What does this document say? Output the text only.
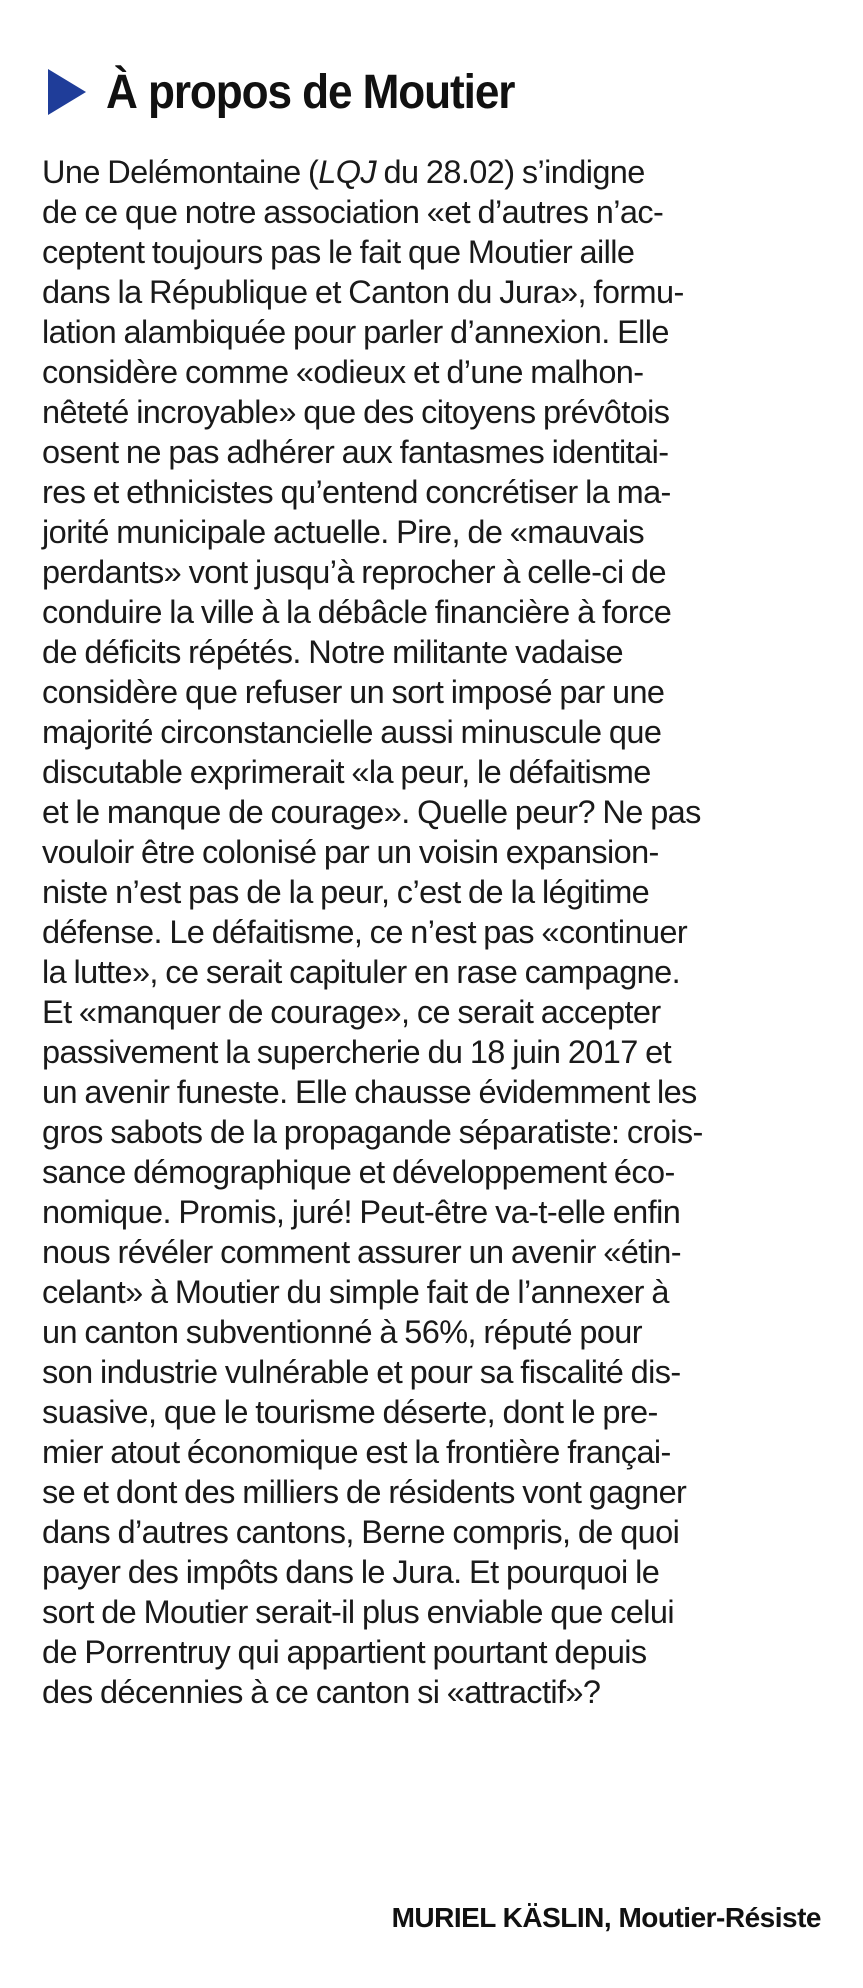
À propos de Moutier
Une Delémontaine (LQJ du 28.02) s’indigne
de ce que notre association «et d’autres n’ac-
ceptent toujours pas le fait que Moutier aille
dans la République et Canton du Jura», formu-
lation alambiquée pour parler d’annexion. Elle
considère comme «odieux et d’une malhon-
nêteté incroyable» que des citoyens prévôtois
osent ne pas adhérer aux fantasmes identitai-
res et ethnicistes qu’entend concrétiser la ma-
jorité municipale actuelle. Pire, de «mauvais
perdants» vont jusqu’à reprocher à celle-ci de
conduire la ville à la débâcle financière à force
de déficits répétés. Notre militante vadaise
considère que refuser un sort imposé par une
majorité circonstancielle aussi minuscule que
discutable exprimerait «la peur, le défaitisme
et le manque de courage». Quelle peur? Ne pas
vouloir être colonisé par un voisin expansion-
niste n’est pas de la peur, c’est de la légitime
défense. Le défaitisme, ce n’est pas «continuer
la lutte», ce serait capituler en rase campagne.
Et «manquer de courage», ce serait accepter
passivement la supercherie du 18 juin 2017 et
un avenir funeste. Elle chausse évidemment les
gros sabots de la propagande séparatiste: crois-
sance démographique et développement éco-
nomique. Promis, juré! Peut-être va-t-elle enfin
nous révéler comment assurer un avenir «étin-
celant» à Moutier du simple fait de l’annexer à
un canton subventionné à 56%, réputé pour
son industrie vulnérable et pour sa fiscalité dis-
suasive, que le tourisme déserte, dont le pre-
mier atout économique est la frontière françai-
se et dont des milliers de résidents vont gagner
dans d’autres cantons, Berne compris, de quoi
payer des impôts dans le Jura. Et pourquoi le
sort de Moutier serait-il plus enviable que celui
de Porrentruy qui appartient pourtant depuis
des décennies à ce canton si «attractif»?
MURIEL KÄSLIN, Moutier-Résiste
